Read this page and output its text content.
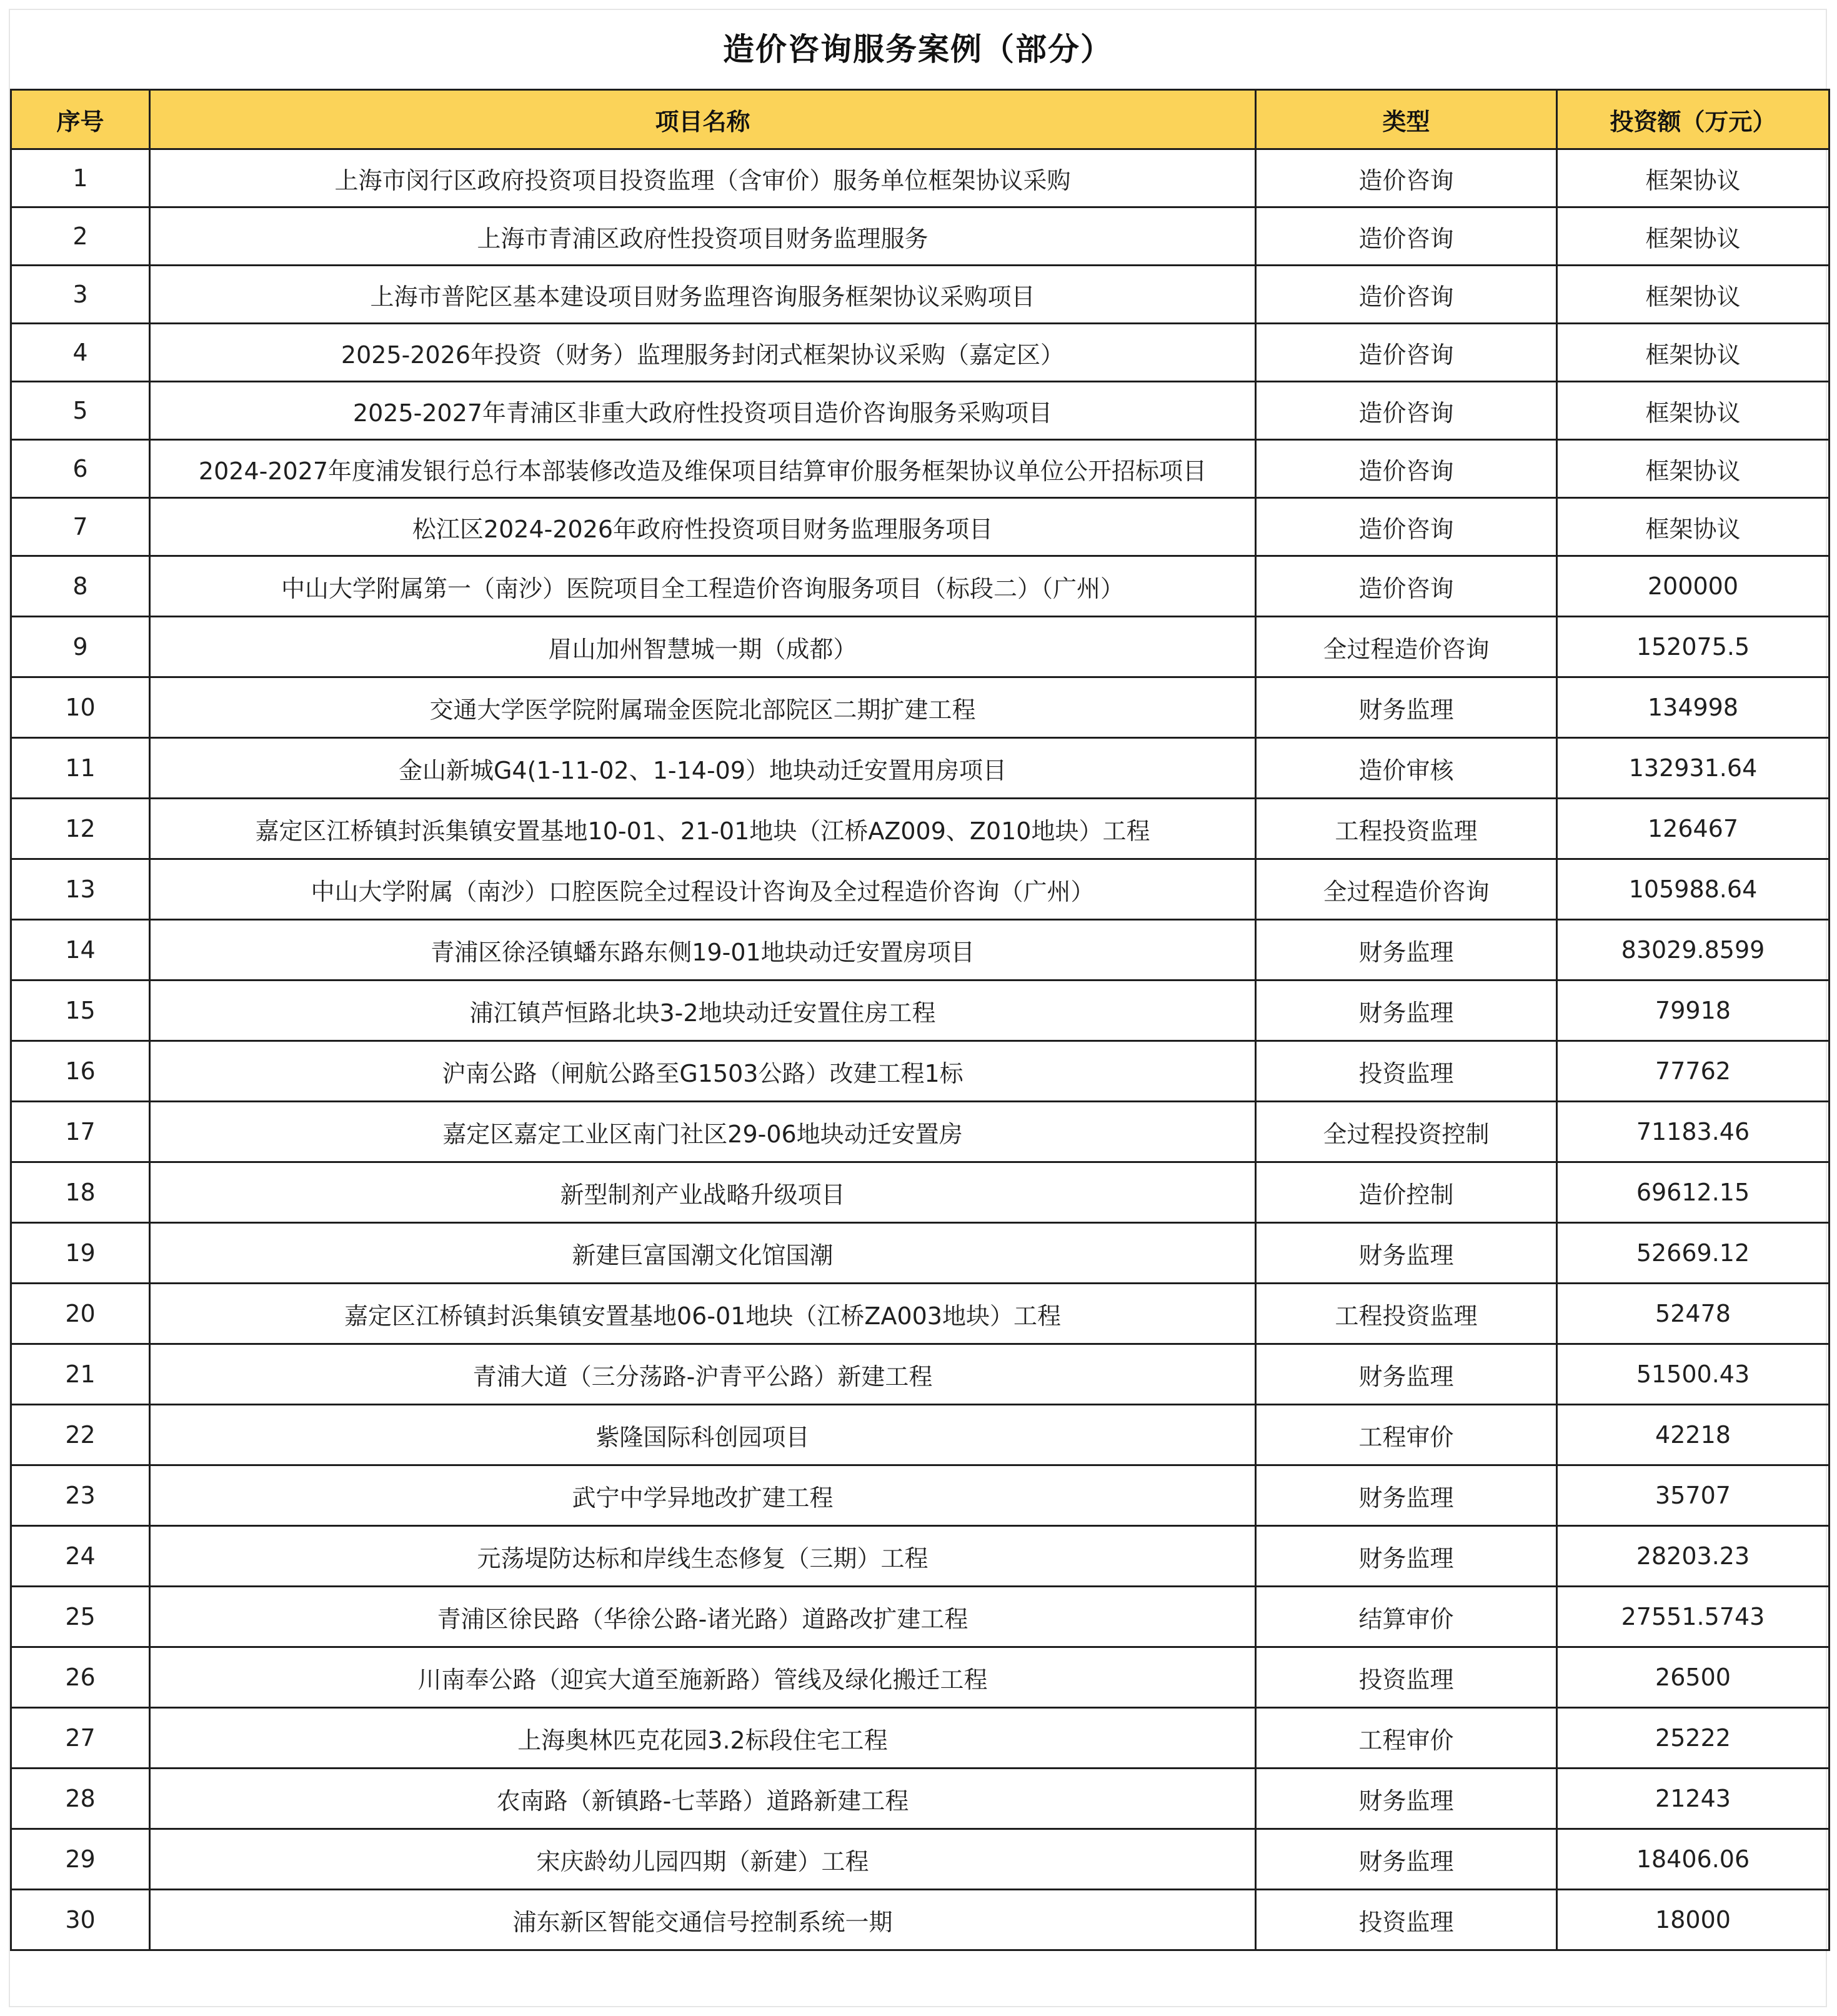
造价咨询服务案例（部分）
序号	项目名称	类型	投资额（万元）
1	上海市闵行区政府投资项目投资监理（含审价）服务单位框架协议采购	造价咨询	框架协议
2	上海市青浦区政府性投资项目财务监理服务	造价咨询	框架协议
3	上海市普陀区基本建设项目财务监理咨询服务框架协议采购项目	造价咨询	框架协议
4	2025-2026年投资（财务）监理服务封闭式框架协议采购（嘉定区）	造价咨询	框架协议
5	2025-2027年青浦区非重大政府性投资项目造价咨询服务采购项目	造价咨询	框架协议
6	2024-2027年度浦发银行总行本部装修改造及维保项目结算审价服务框架协议单位公开招标项目	造价咨询	框架协议
7	松江区2024-2026年政府性投资项目财务监理服务项目	造价咨询	框架协议
8	中山大学附属第一（南沙）医院项目全工程造价咨询服务项目（标段二）（广州）	造价咨询	200000
9	眉山加州智慧城一期（成都）	全过程造价咨询	152075.5
10	交通大学医学院附属瑞金医院北部院区二期扩建工程	财务监理	134998
11	金山新城G4(1-11-02、1-14-09）地块动迁安置用房项目	造价审核	132931.64
12	嘉定区江桥镇封浜集镇安置基地10-01、21-01地块（江桥AZ009、Z010地块）工程	工程投资监理	126467
13	中山大学附属（南沙）口腔医院全过程设计咨询及全过程造价咨询（广州）	全过程造价咨询	105988.64
14	青浦区徐泾镇蟠东路东侧19-01地块动迁安置房项目	财务监理	83029.8599
15	浦江镇芦恒路北块3-2地块动迁安置住房工程	财务监理	79918
16	沪南公路（闸航公路至G1503公路）改建工程1标	投资监理	77762
17	嘉定区嘉定工业区南门社区29-06地块动迁安置房	全过程投资控制	71183.46
18	新型制剂产业战略升级项目	造价控制	69612.15
19	新建巨富国潮文化馆国潮	财务监理	52669.12
20	嘉定区江桥镇封浜集镇安置基地06-01地块（江桥ZA003地块）工程	工程投资监理	52478
21	青浦大道（三分荡路-沪青平公路）新建工程	财务监理	51500.43
22	紫隆国际科创园项目	工程审价	42218
23	武宁中学异地改扩建工程	财务监理	35707
24	元荡堤防达标和岸线生态修复（三期）工程	财务监理	28203.23
25	青浦区徐民路（华徐公路-诸光路）道路改扩建工程	结算审价	27551.5743
26	川南奉公路（迎宾大道至施新路）管线及绿化搬迁工程	投资监理	26500
27	上海奥林匹克花园3.2标段住宅工程	工程审价	25222
28	农南路（新镇路-七莘路）道路新建工程	财务监理	21243
29	宋庆龄幼儿园四期（新建）工程	财务监理	18406.06
30	浦东新区智能交通信号控制系统一期	投资监理	18000
